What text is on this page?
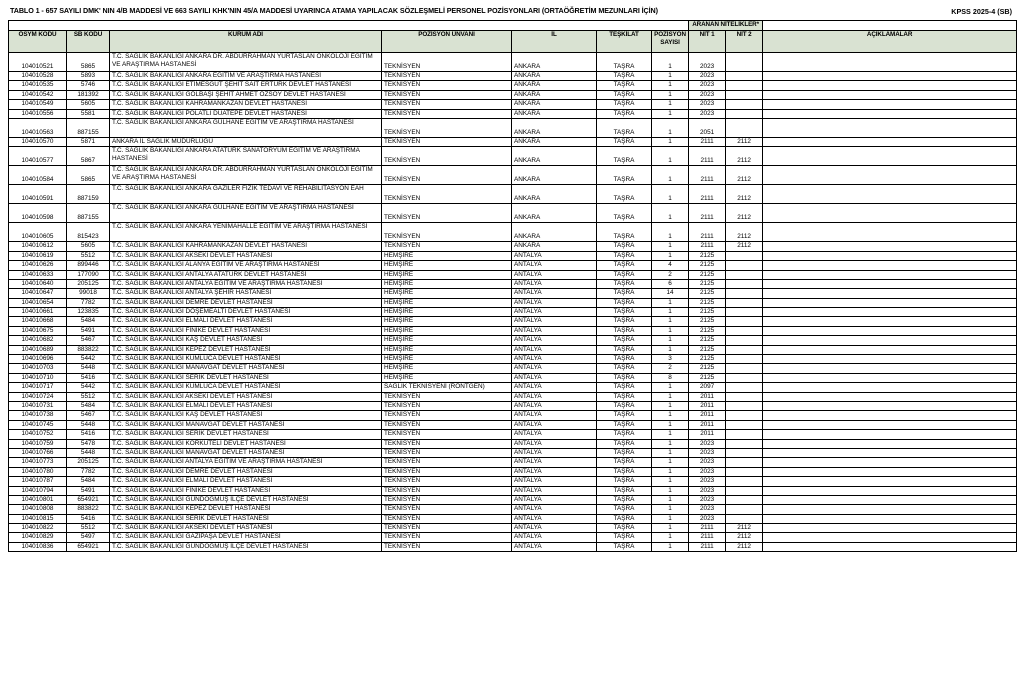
TABLO 1 - 657 SAYILI DMK' NIN 4/B MADDESİ VE 663 SAYILI KHK'NIN 45/A MADDESİ UYARINCA ATAMA YAPILACAK SÖZLEŞMELİ PERSONEL POZİSYONLARI (ORTAÖĞRETİM MEZUNLARI İÇİN)	KPSS 2025-4 (SB)
							ARANAN NİTELİKLER*		
ÖSYM KODU	SB KODU	KURUM ADI	POZİSYON ÜNVANI	İL	TEŞKİLAT	POZİSYON SAYISI	NİT 1	NİT 2	AÇIKLAMALAR
104010521	5865	T.C. SAĞLIK BAKANLIĞI ANKARA DR. ABDURRAHMAN YURTASLAN ONKOLOJİ EĞİTİM VE ARAŞTIRMA HASTANESİ	TEKNİSYEN	ANKARA	TAŞRA	1	2023		
104010528	5893	T.C. SAĞLIK BAKANLIĞI ANKARA EĞİTİM VE ARAŞTIRMA HASTANESİ	TEKNİSYEN	ANKARA	TAŞRA	1	2023		
104010535	5746	T.C. SAĞLIK BAKANLIĞI ETİMESGUT ŞEHİT SAİT ERTÜRK DEVLET HASTANESİ	TEKNİSYEN	ANKARA	TAŞRA	1	2023		
104010542	181392	T.C. SAĞLIK BAKANLIĞI GÖLBAŞI ŞEHİT AHMET ÖZSOY DEVLET HASTANESİ	TEKNİSYEN	ANKARA	TAŞRA	1	2023		
104010549	5605	T.C. SAĞLIK BAKANLIĞI KAHRAMANKAZAN DEVLET HASTANESİ	TEKNİSYEN	ANKARA	TAŞRA	1	2023		
104010556	5581	T.C. SAĞLIK BAKANLIĞI POLATLI DUATEPE DEVLET HASTANESİ	TEKNİSYEN	ANKARA	TAŞRA	1	2023		
104010563	887155	T.C. SAĞLIK BAKANLIĞI ANKARA GÜLHANE EĞİTİM VE ARAŞTIRMA HASTANESİ	TEKNİSYEN	ANKARA	TAŞRA	1	2051		
104010570	5871	ANKARA İL SAĞLIK MÜDÜRLÜĞÜ	TEKNİSYEN	ANKARA	TAŞRA	1	2111	2112	
104010577	5867	T.C. SAĞLIK BAKANLIĞI ANKARA ATATÜRK SANATORYUM EĞİTİM VE ARAŞTIRMA HASTANESİ	TEKNİSYEN	ANKARA	TAŞRA	1	2111	2112	
104010584	5865	T.C. SAĞLIK BAKANLIĞI ANKARA DR. ABDURRAHMAN YURTASLAN ONKOLOJİ EĞİTİM VE ARAŞTIRMA HASTANESİ	TEKNİSYEN	ANKARA	TAŞRA	1	2111	2112	
104010591	887159	T.C. SAĞLIK BAKANLIĞI ANKARA GAZİLER FİZİK TEDAVİ VE REHABİLİTASYON EAH	TEKNİSYEN	ANKARA	TAŞRA	1	2111	2112	
104010598	887155	T.C. SAĞLIK BAKANLIĞI ANKARA GÜLHANE EĞİTİM VE ARAŞTIRMA HASTANESİ	TEKNİSYEN	ANKARA	TAŞRA	1	2111	2112	
104010605	815423	T.C. SAĞLIK BAKANLIĞI ANKARA YENİMAHALLE EĞİTİM VE ARAŞTIRMA HASTANESİ	TEKNİSYEN	ANKARA	TAŞRA	1	2111	2112	
104010612	5605	T.C. SAĞLIK BAKANLIĞI KAHRAMANKAZAN DEVLET HASTANESİ	TEKNİSYEN	ANKARA	TAŞRA	1	2111	2112	
104010619	5512	T.C. SAĞLIK BAKANLIĞI AKSEKİ DEVLET HASTANESİ	HEMŞİRE	ANTALYA	TAŞRA	1	2125		
104010626	899446	T.C. SAĞLIK BAKANLIĞI ALANYA EĞİTİM VE ARAŞTIRMA HASTANESİ	HEMŞİRE	ANTALYA	TAŞRA	4	2125		
104010633	177090	T.C. SAĞLIK BAKANLIĞI ANTALYA ATATÜRK DEVLET HASTANESİ	HEMŞİRE	ANTALYA	TAŞRA	2	2125		
104010640	205125	T.C. SAĞLIK BAKANLIĞI ANTALYA EĞİTİM VE ARAŞTIRMA HASTANESİ	HEMŞİRE	ANTALYA	TAŞRA	6	2125		
104010647	99018	T.C. SAĞLIK BAKANLIĞI ANTALYA ŞEHİR HASTANESİ	HEMŞİRE	ANTALYA	TAŞRA	14	2125		
104010654	7782	T.C. SAĞLIK BAKANLIĞI DEMRE DEVLET HASTANESİ	HEMŞİRE	ANTALYA	TAŞRA	1	2125		
104010661	123835	T.C. SAĞLIK BAKANLIĞI DÖŞEMEALTI DEVLET HASTANESİ	HEMŞİRE	ANTALYA	TAŞRA	1	2125		
104010668	5484	T.C. SAĞLIK BAKANLIĞI ELMALI DEVLET HASTANESİ	HEMŞİRE	ANTALYA	TAŞRA	1	2125		
104010675	5491	T.C. SAĞLIK BAKANLIĞI FİNİKE DEVLET HASTANESİ	HEMŞİRE	ANTALYA	TAŞRA	1	2125		
104010682	5467	T.C. SAĞLIK BAKANLIĞI KAŞ DEVLET HASTANESİ	HEMŞİRE	ANTALYA	TAŞRA	1	2125		
104010689	883822	T.C. SAĞLIK BAKANLIĞI KEPEZ DEVLET HASTANESİ	HEMŞİRE	ANTALYA	TAŞRA	1	2125		
104010696	5442	T.C. SAĞLIK BAKANLIĞI KUMLUCA DEVLET HASTANESİ	HEMŞİRE	ANTALYA	TAŞRA	3	2125		
104010703	5448	T.C. SAĞLIK BAKANLIĞI MANAVGAT DEVLET HASTANESİ	HEMŞİRE	ANTALYA	TAŞRA	2	2125		
104010710	5416	T.C. SAĞLIK BAKANLIĞI SERİK DEVLET HASTANESİ	HEMŞİRE	ANTALYA	TAŞRA	8	2125		
104010717	5442	T.C. SAĞLIK BAKANLIĞI KUMLUCA DEVLET HASTANESİ	SAĞLIK TEKNİSYENİ (RÖNTGEN)	ANTALYA	TAŞRA	1	2097		
104010724	5512	T.C. SAĞLIK BAKANLIĞI AKSEKİ DEVLET HASTANESİ	TEKNİSYEN	ANTALYA	TAŞRA	1	2011		
104010731	5484	T.C. SAĞLIK BAKANLIĞI ELMALI DEVLET HASTANESİ	TEKNİSYEN	ANTALYA	TAŞRA	1	2011		
104010738	5467	T.C. SAĞLIK BAKANLIĞI KAŞ DEVLET HASTANESİ	TEKNİSYEN	ANTALYA	TAŞRA	1	2011		
104010745	5448	T.C. SAĞLIK BAKANLIĞI MANAVGAT DEVLET HASTANESİ	TEKNİSYEN	ANTALYA	TAŞRA	1	2011		
104010752	5416	T.C. SAĞLIK BAKANLIĞI SERİK DEVLET HASTANESİ	TEKNİSYEN	ANTALYA	TAŞRA	1	2011		
104010759	5478	T.C. SAĞLIK BAKANLIĞI KORKUTELİ DEVLET HASTANESİ	TEKNİSYEN	ANTALYA	TAŞRA	1	2023		
104010766	5448	T.C. SAĞLIK BAKANLIĞI MANAVGAT DEVLET HASTANESİ	TEKNİSYEN	ANTALYA	TAŞRA	1	2023		
104010773	205125	T.C. SAĞLIK BAKANLIĞI ANTALYA EĞİTİM VE ARAŞTIRMA HASTANESİ	TEKNİSYEN	ANTALYA	TAŞRA	1	2023		
104010780	7782	T.C. SAĞLIK BAKANLIĞI DEMRE DEVLET HASTANESİ	TEKNİSYEN	ANTALYA	TAŞRA	1	2023		
104010787	5484	T.C. SAĞLIK BAKANLIĞI ELMALI DEVLET HASTANESİ	TEKNİSYEN	ANTALYA	TAŞRA	1	2023		
104010794	5491	T.C. SAĞLIK BAKANLIĞI FİNİKE DEVLET HASTANESİ	TEKNİSYEN	ANTALYA	TAŞRA	1	2023		
104010801	654921	T.C. SAĞLIK BAKANLIĞI GÜNDOĞMUŞ İLÇE DEVLET HASTANESİ	TEKNİSYEN	ANTALYA	TAŞRA	1	2023		
104010808	883822	T.C. SAĞLIK BAKANLIĞI KEPEZ DEVLET HASTANESİ	TEKNİSYEN	ANTALYA	TAŞRA	1	2023		
104010815	5416	T.C. SAĞLIK BAKANLIĞI SERİK DEVLET HASTANESİ	TEKNİSYEN	ANTALYA	TAŞRA	1	2023		
104010822	5512	T.C. SAĞLIK BAKANLIĞI AKSEKİ DEVLET HASTANESİ	TEKNİSYEN	ANTALYA	TAŞRA	1	2111	2112	
104010829	5497	T.C. SAĞLIK BAKANLIĞI GAZİPAŞA DEVLET HASTANESİ	TEKNİSYEN	ANTALYA	TAŞRA	1	2111	2112	
104010836	654921	T.C. SAĞLIK BAKANLIĞI GÜNDOĞMUŞ İLÇE DEVLET HASTANESİ	TEKNİSYEN	ANTALYA	TAŞRA	1	2111	2112	
